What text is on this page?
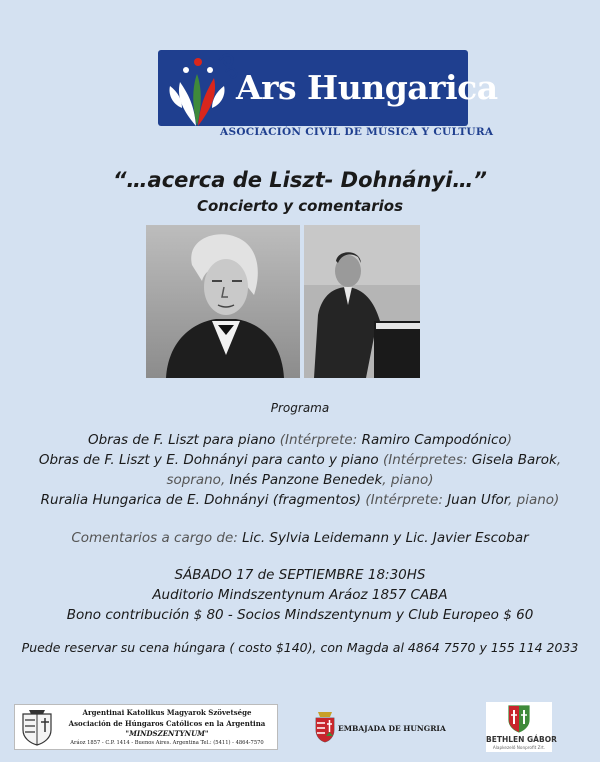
Ars Hungarica
ASOCIACIÓN CIVIL DE MÚSICA Y CULTURA
“…acerca de Liszt- Dohnányi…”
Concierto y comentarios
Programa
Obras de F. Liszt para piano (Intérprete: Ramiro Campodónico)
Obras de F. Liszt y E. Dohnányi para canto y piano (Intérpretes: Gisela Barok,
soprano, Inés Panzone Benedek, piano)
Ruralia Hungarica de E. Dohnányi (fragmentos) (Intérprete: Juan Ufor, piano)
Comentarios a cargo de: Lic. Sylvia Leidemann y Lic. Javier Escobar
SÁBADO 17 de SEPTIEMBRE 18:30HS
Auditorio Mindszentynum Aráoz 1857 CABA
Bono contribución $ 80 - Socios Mindszentynum y Club Europeo $ 60
Puede reservar su cena húngara ( costo $140), con Magda al 4864 7570 y 155 114 2033
Argentinai Katolikus Magyarok Szövetsége
Asociación de Húngaros Católicos en la Argentina
"MINDSZENTYNUM"
Aráoz 1857 - C.P. 1414 - Buenos Aires. Argentina Tel.: (5411) - 4864-7570
EMBAJADA DE HUNGRIA
BETHLEN GÁBOR
Alapkezelő Nonprofit Zrt.
